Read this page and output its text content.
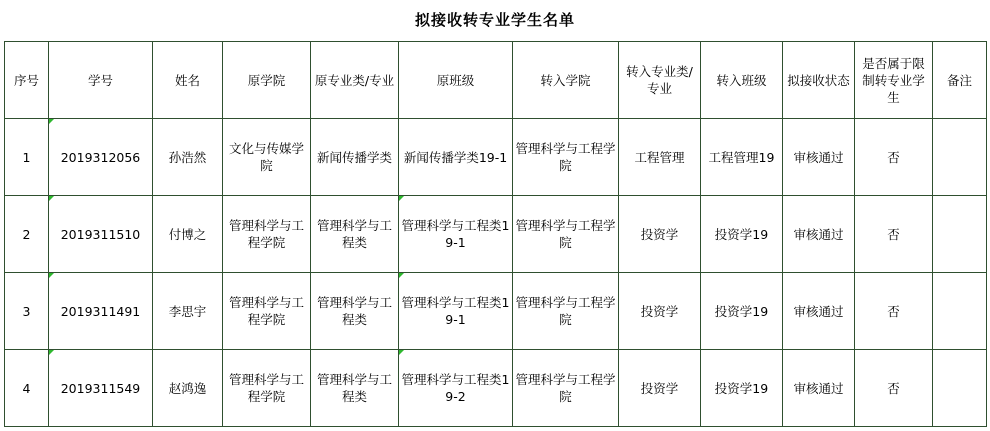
拟接收转专业学生名单
序号	学号	姓名	原学院	原专业类/专业	原班级	转入学院	转入专业类/专业	转入班级	拟接收状态	是否属于限制转专业学生	备注
1	2019312056	孙浩然	文化与传媒学院	新闻传播学类	新闻传播学类19-1	管理科学与工程学院	工程管理	工程管理19	审核通过	否	
2	2019311510	付博之	管理科学与工程学院	管理科学与工程类	管理科学与工程类19-1	管理科学与工程学院	投资学	投资学19	审核通过	否	
3	2019311491	李思宇	管理科学与工程学院	管理科学与工程类	管理科学与工程类19-1	管理科学与工程学院	投资学	投资学19	审核通过	否	
4	2019311549	赵鸿逸	管理科学与工程学院	管理科学与工程类	管理科学与工程类19-2	管理科学与工程学院	投资学	投资学19	审核通过	否	
